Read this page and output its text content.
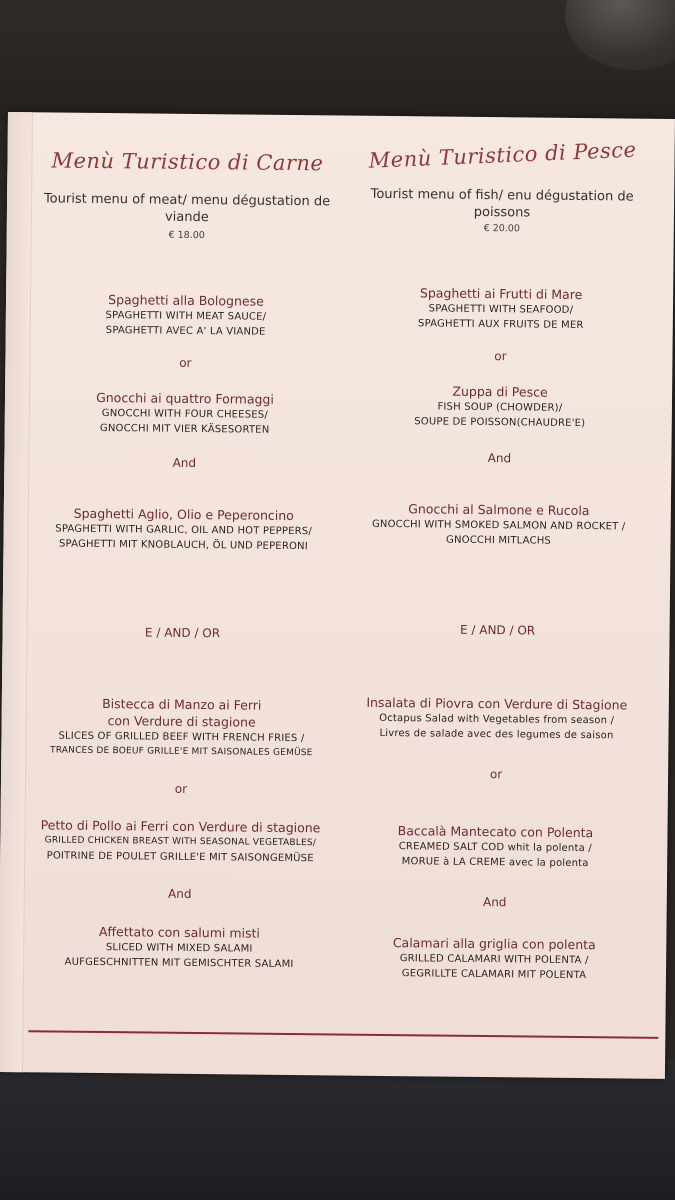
Menù Turistico di Carne
Tourist menu of meat/ menu dégustation de viande
€ 18.00
Spaghetti alla Bolognese
SPAGHETTI WITH MEAT SAUCE/
SPAGHETTI AVEC A' LA VIANDE
or
Gnocchi ai quattro Formaggi
GNOCCHI WITH FOUR CHEESES/
GNOCCHI MIT VIER KÄSESORTEN
And
Spaghetti Aglio, Olio e Peperoncino
SPAGHETTI WITH GARLIC, OIL AND HOT PEPPERS/
SPAGHETTI MIT KNOBLAUCH, ÖL UND PEPERONI
E / AND / OR
Bistecca di Manzo ai Ferri
con Verdure di stagione
SLICES OF GRILLED BEEF WITH FRENCH FRIES /
TRANCES DE BOEUF GRILLE'E MIT SAISONALES GEMÜSE
or
Petto di Pollo ai Ferri con Verdure di stagione
GRILLED CHICKEN BREAST WITH SEASONAL VEGETABLES/
POITRINE DE POULET GRILLE'E MIT SAISONGEMÜSE
And
Affettato con salumi misti
SLICED WITH MIXED SALAMI
AUFGESCHNITTEN MIT GEMISCHTER SALAMI
Menù Turistico di Pesce
Tourist menu of fish/ enu dégustation de poissons
€ 20.00
Spaghetti ai Frutti di Mare
SPAGHETTI WITH SEAFOOD/
SPAGHETTI AUX FRUITS DE MER
or
Zuppa di Pesce
FISH SOUP (CHOWDER)/
SOUPE DE POISSON(CHAUDRE'E)
And
Gnocchi al Salmone e Rucola
GNOCCHI WITH SMOKED SALMON AND ROCKET /
GNOCCHI MITLACHS
E / AND / OR
Insalata di Piovra con Verdure di Stagione
Octapus Salad with Vegetables from season /
Livres de salade avec des legumes de saison
or
Baccalà Mantecato con Polenta
CREAMED SALT COD whit la polenta /
MORUE à LA CREME avec la polenta
And
Calamari alla griglia con polenta
GRILLED CALAMARI WITH POLENTA /
GEGRILLTE CALAMARI MIT POLENTA
